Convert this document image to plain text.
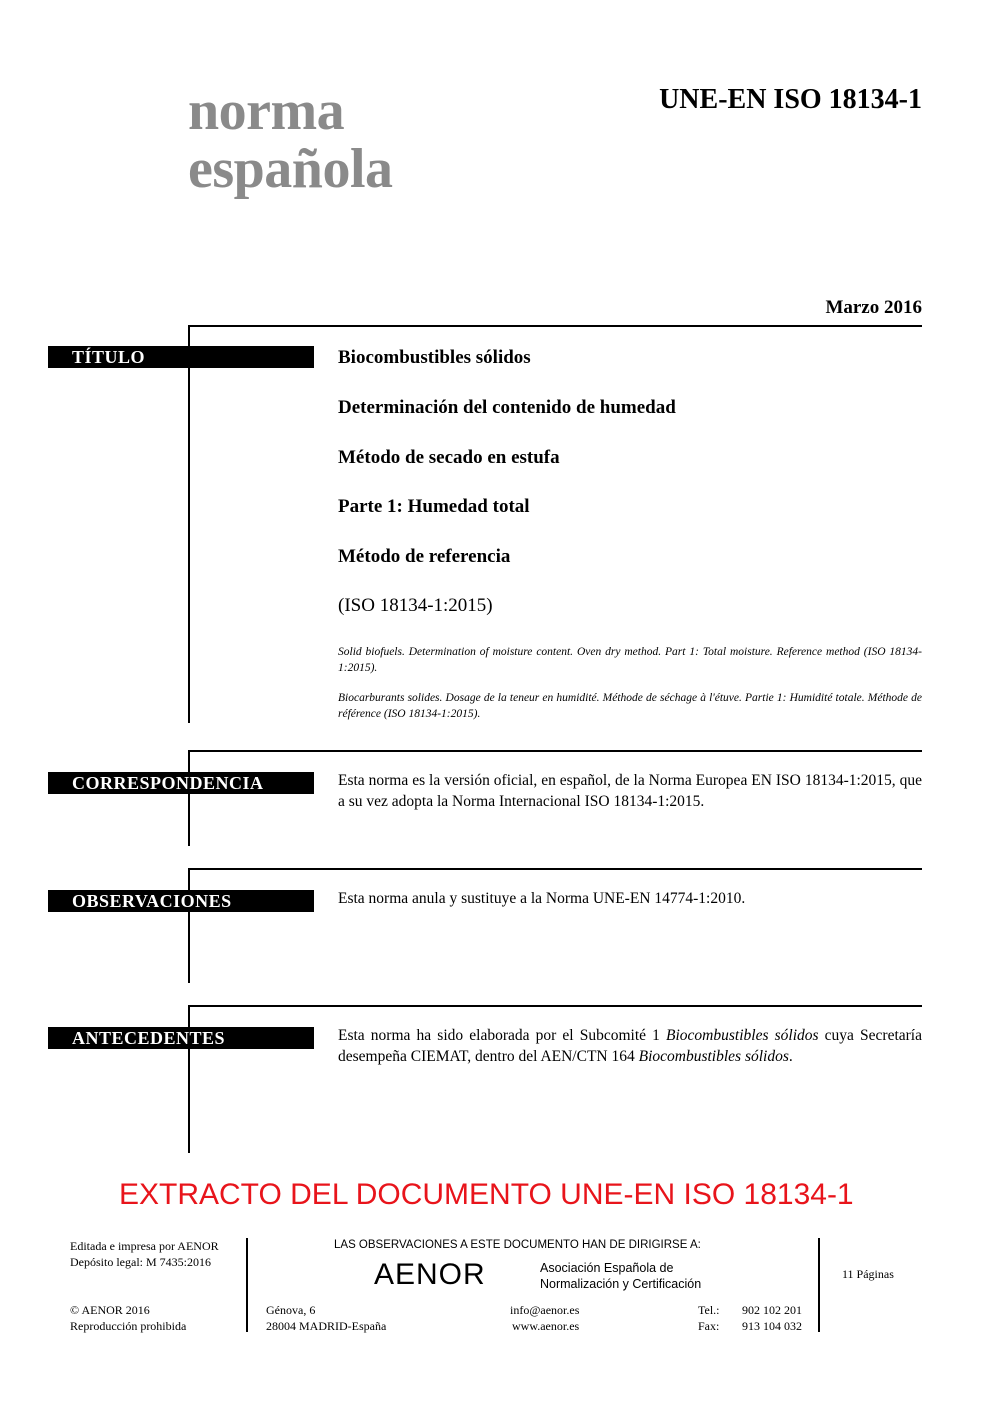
norma
española
UNE-EN ISO 18134-1
Marzo 2016
TÍTULO	Biocombustibles sólidos
Determinación del contenido de humedad
Método de secado en estufa
Parte 1: Humedad total
Método de referencia
(ISO 18134-1:2015)
Solid biofuels. Determination of moisture content. Oven dry method. Part 1: Total moisture. Reference method (ISO 18134-1:2015).
Biocarburants solides. Dosage de la teneur en humidité. Méthode de séchage à l'étuve. Partie 1: Humidité totale. Méthode de référence (ISO 18134-1:2015).
CORRESPONDENCIA	Esta norma es la versión oficial, en español, de la Norma Europea EN ISO 18134-1:2015, que a su vez adopta la Norma Internacional ISO 18134-1:2015.
OBSERVACIONES	Esta norma anula y sustituye a la Norma UNE-EN 14774-1:2010.
ANTECEDENTES	Esta norma ha sido elaborada por el Subcomité 1 Biocombustibles sólidos cuya Secretaría desempeña CIEMAT, dentro del AEN/CTN 164 Biocombustibles sólidos.
EXTRACTO DEL DOCUMENTO UNE-EN ISO 18134-1
Editada e impresa por AENOR
Depósito legal: M 7435:2016
© AENOR 2016
Reproducción prohibida
LAS OBSERVACIONES A ESTE DOCUMENTO HAN DE DIRIGIRSE A:
AENOR	Asociación Española de
Normalización y Certificación
Génova, 6
28004 MADRID-España
info@aenor.es
www.aenor.es
Tel.: 902 102 201
Fax: 913 104 032
11 Páginas
